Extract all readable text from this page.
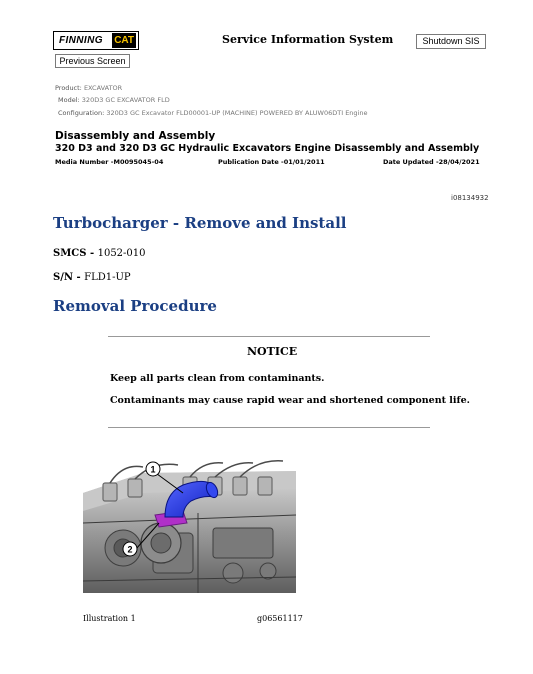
FINNING	CAT	Service Information System	Shutdown SIS
Previous Screen
Product: EXCAVATOR
Model: 320D3 GC EXCAVATOR FLD
Configuration: 320D3 GC Excavator FLD00001-UP (MACHINE) POWERED BY ALUW06DTI Engine
Disassembly and Assembly
320 D3 and 320 D3 GC Hydraulic Excavators Engine Disassembly and Assembly
Media Number -M0095045-04	Publication Date -01/01/2011	Date Updated -28/04/2021
i08134932
Turbocharger - Remove and Install
SMCS - 1052-010
S/N - FLD1-UP
Removal Procedure
NOTICE
Keep all parts clean from contaminants.
Contaminants may cause rapid wear and shortened component life.
1
2
Illustration 1	g06561117
